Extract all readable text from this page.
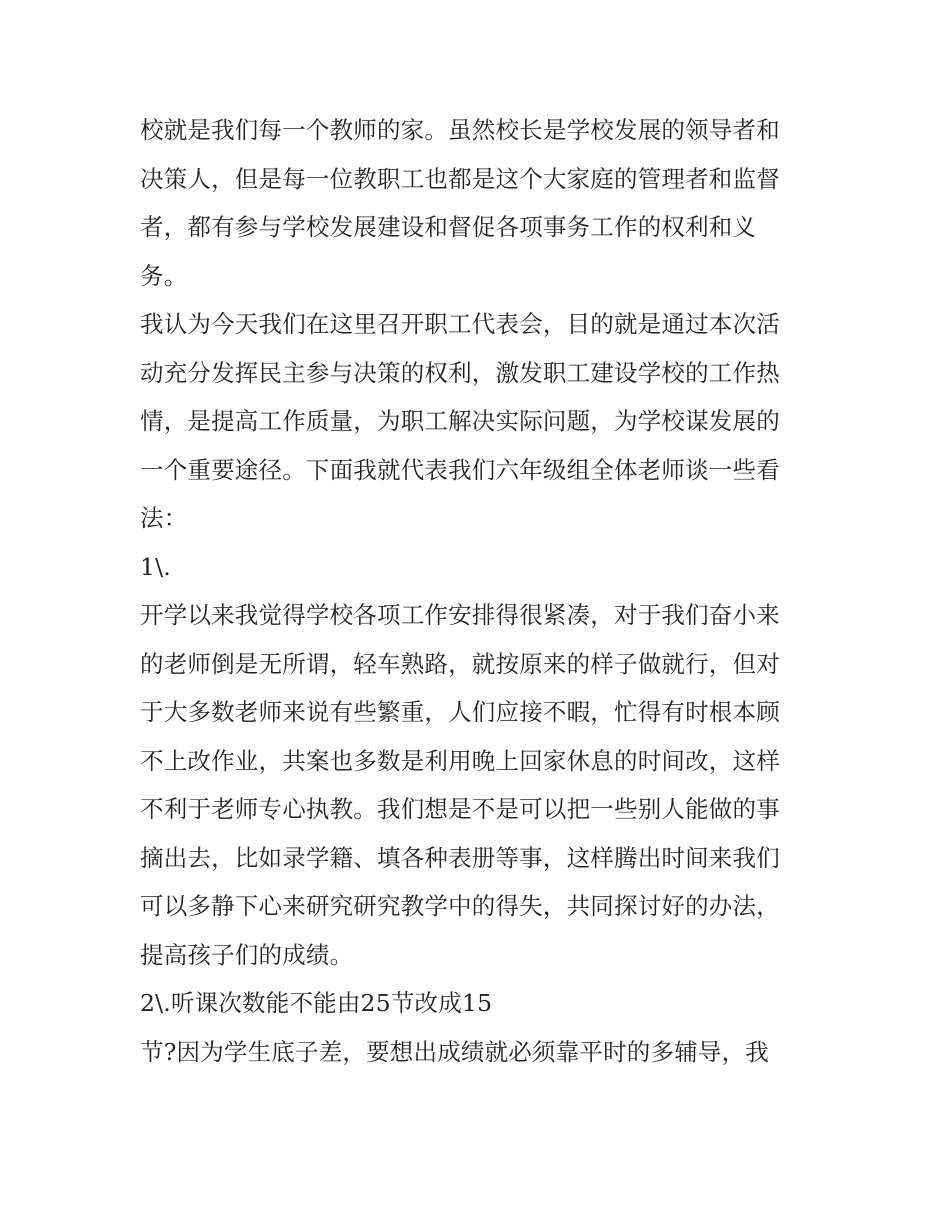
校就是我们每一个教师的家。虽然校长是学校发展的领导者和
决策人，但是每一位教职工也都是这个大家庭的管理者和监督
者，都有参与学校发展建设和督促各项事务工作的权利和义
务。
我认为今天我们在这里召开职工代表会，目的就是通过本次活
动充分发挥民主参与决策的权利，激发职工建设学校的工作热
情，是提高工作质量，为职工解决实际问题，为学校谋发展的
一个重要途径。下面我就代表我们六年级组全体老师谈一些看
法：
1\.
开学以来我觉得学校各项工作安排得很紧凑，对于我们奋小来
的老师倒是无所谓，轻车熟路，就按原来的样子做就行，但对
于大多数老师来说有些繁重，人们应接不暇，忙得有时根本顾
不上改作业，共案也多数是利用晚上回家休息的时间改，这样
不利于老师专心执教。我们想是不是可以把一些别人能做的事
摘出去，比如录学籍、填各种表册等事，这样腾出时间来我们
可以多静下心来研究研究教学中的得失，共同探讨好的办法，
提高孩子们的成绩。
2\.听课次数能不能由25节改成15
节?因为学生底子差，要想出成绩就必须靠平时的多辅导，我
